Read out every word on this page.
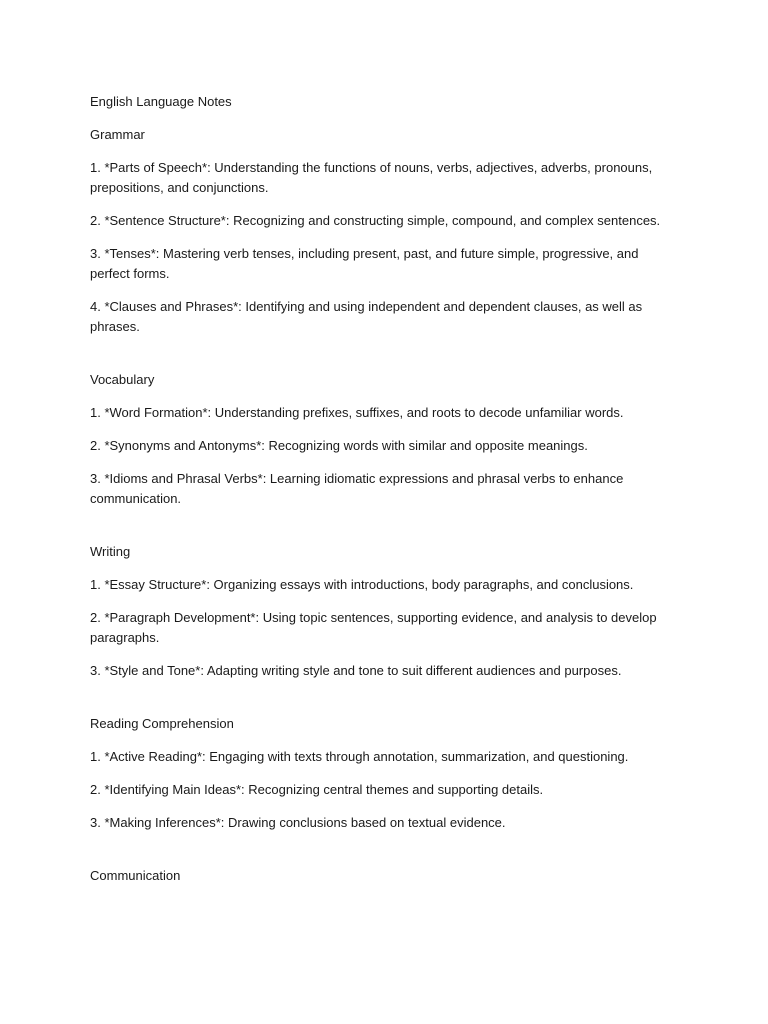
English Language Notes

Grammar

1. *Parts of Speech*: Understanding the functions of nouns, verbs, adjectives, adverbs, pronouns, prepositions, and conjunctions.

2. *Sentence Structure*: Recognizing and constructing simple, compound, and complex sentences.

3. *Tenses*: Mastering verb tenses, including present, past, and future simple, progressive, and perfect forms.

4. *Clauses and Phrases*: Identifying and using independent and dependent clauses, as well as phrases.

Vocabulary

1. *Word Formation*: Understanding prefixes, suffixes, and roots to decode unfamiliar words.

2. *Synonyms and Antonyms*: Recognizing words with similar and opposite meanings.

3. *Idioms and Phrasal Verbs*: Learning idiomatic expressions and phrasal verbs to enhance communication.

Writing

1. *Essay Structure*: Organizing essays with introductions, body paragraphs, and conclusions.

2. *Paragraph Development*: Using topic sentences, supporting evidence, and analysis to develop paragraphs.

3. *Style and Tone*: Adapting writing style and tone to suit different audiences and purposes.

Reading Comprehension

1. *Active Reading*: Engaging with texts through annotation, summarization, and questioning.

2. *Identifying Main Ideas*: Recognizing central themes and supporting details.

3. *Making Inferences*: Drawing conclusions based on textual evidence.

Communication
